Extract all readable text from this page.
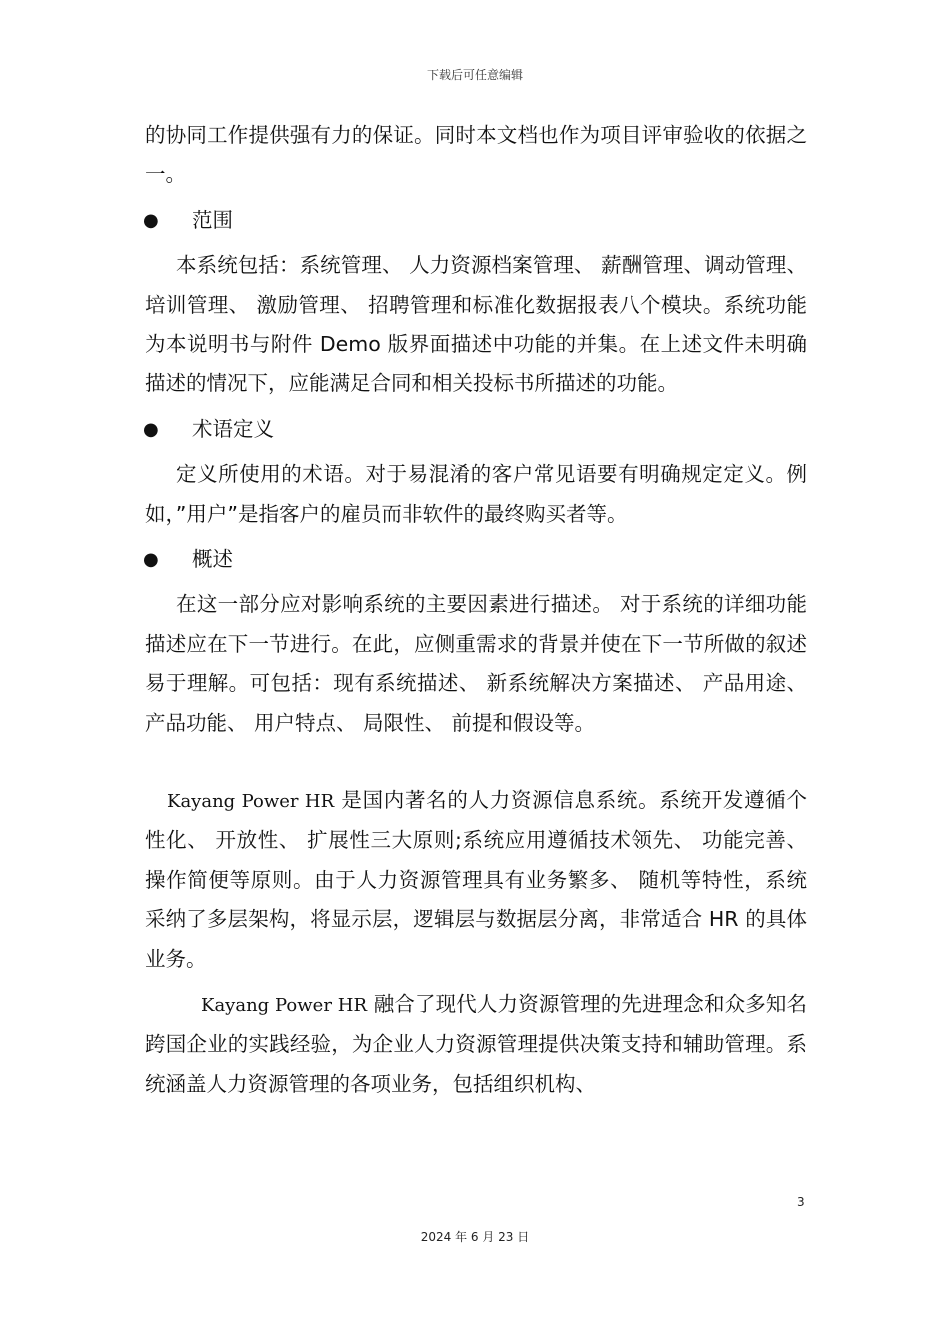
下载后可任意编辑

的协同工作提供强有力的保证。同时本文档也作为项目评审验收的依据之一。

● 范围

本系统包括：系统管理、 人力资源档案管理、 薪酬管理、调动管理、 培训管理、 激励管理、 招聘管理和标准化数据报表八个模块。系统功能为本说明书与附件 Demo 版界面描述中功能的并集。在上述文件未明确描述的情况下，应能满足合同和相关投标书所描述的功能。

● 术语定义

定义所使用的术语。对于易混淆的客户常见语要有明确规定定义。例如，”用户”是指客户的雇员而非软件的最终购买者等。

● 概述

在这一部分应对影响系统的主要因素进行描述。 对于系统的详细功能描述应在下一节进行。在此，应侧重需求的背景并使在下一节所做的叙述易于理解。可包括：现有系统描述、 新系统解决方案描述、 产品用途、 产品功能、 用户特点、 局限性、 前提和假设等。

Kayang Power HR 是国内著名的人力资源信息系统。系统开发遵循个性化、 开放性、 扩展性三大原则;系统应用遵循技术领先、 功能完善、 操作简便等原则。由于人力资源管理具有业务繁多、 随机等特性，系统采纳了多层架构，将显示层，逻辑层与数据层分离，非常适合 HR 的具体业务。

Kayang Power HR 融合了现代人力资源管理的先进理念和众多知名跨国企业的实践经验，为企业人力资源管理提供决策支持和辅助管理。系统涵盖人力资源管理的各项业务，包括组织机构、

3
2024 年 6 月 23 日
